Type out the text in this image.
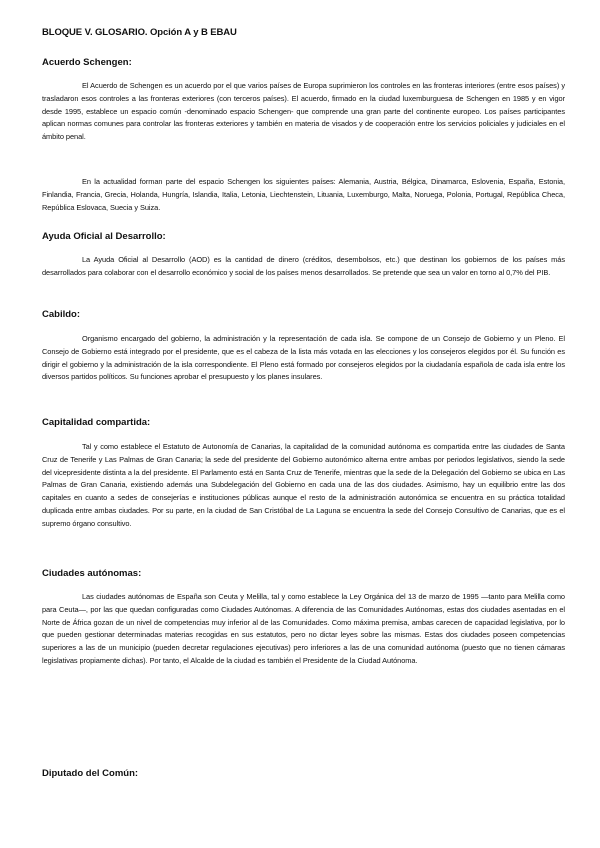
BLOQUE V. GLOSARIO. Opción A y B EBAU
Acuerdo Schengen:

El Acuerdo de Schengen es un acuerdo por el que varios países de Europa suprimieron los controles en las fronteras interiores (entre esos países) y trasladaron esos controles a las fronteras exteriores (con terceros países). El acuerdo, firmado en la ciudad luxemburguesa de Schengen en 1985 y en vigor desde 1995, establece un espacio común -denominado espacio Schengen- que comprende una gran parte del continente europeo. Los países participantes aplican normas comunes para controlar las fronteras exteriores y también en materia de visados y de cooperación entre los servicios policiales y judiciales en el ámbito penal.

En la actualidad forman parte del espacio Schengen los siguientes países: Alemania, Austria, Bélgica, Dinamarca, Eslovenia, España, Estonia, Finlandia, Francia, Grecia, Holanda, Hungría, Islandia, Italia, Letonia, Liechtenstein, Lituania, Luxemburgo, Malta, Noruega, Polonia, Portugal, República Checa, República Eslovaca, Suecia y Suiza.

Ayuda Oficial al Desarrollo:

La Ayuda Oficial al Desarrollo (AOD) es la cantidad de dinero (créditos, desembolsos, etc.) que destinan los gobiernos de los países más desarrollados para colaborar con el desarrollo económico y social de los países menos desarrollados. Se pretende que sea un valor en torno al 0,7% del PIB.

Cabildo:

Organismo encargado del gobierno, la administración y la representación de cada isla. Se compone de un Consejo de Gobierno y un Pleno. El Consejo de Gobierno está integrado por el presidente, que es el cabeza de la lista más votada en las elecciones y los consejeros elegidos por él. Su función es dirigir el gobierno y la administración de la isla correspondiente. El Pleno está formado por consejeros elegidos por la ciudadanía española de cada isla entre los diversos partidos políticos. Su funciones aprobar el presupuesto y los planes insulares.

Capitalidad compartida:

Tal y como establece el Estatuto de Autonomía de Canarias, la capitalidad de la comunidad autónoma es compartida entre las ciudades de Santa Cruz de Tenerife y Las Palmas de Gran Canaria; la sede del presidente del Gobierno autonómico alterna entre ambas por periodos legislativos, siendo la sede del vicepresidente distinta a la del presidente. El Parlamento está en Santa Cruz de Tenerife, mientras que la sede de la Delegación del Gobierno se ubica en Las Palmas de Gran Canaria, existiendo además una Subdelegación del Gobierno en cada una de las dos ciudades. Asimismo, hay un equilibrio entre las dos capitales en cuanto a sedes de consejerías e instituciones públicas aunque el resto de la administración autonómica se encuentra en su práctica totalidad duplicada entre ambas ciudades. Por su parte, en la ciudad de San Cristóbal de La Laguna se encuentra la sede del Consejo Consultivo de Canarias, que es el supremo órgano consultivo.

Ciudades autónomas:

Las ciudades autónomas de España son Ceuta y Melilla, tal y como establece la Ley Orgánica del 13 de marzo de 1995 —tanto para Melilla como para Ceuta—, por las que quedan configuradas como Ciudades Autónomas. A diferencia de las Comunidades Autónomas, estas dos ciudades asentadas en el Norte de África gozan de un nivel de competencias muy inferior al de las Comunidades. Como máxima premisa, ambas carecen de capacidad legislativa, por lo que pueden gestionar determinadas materias recogidas en sus estatutos, pero no dictar leyes sobre las mismas. Estas dos ciudades poseen competencias superiores a las de un municipio (pueden decretar regulaciones ejecutivas) pero inferiores a las de una comunidad autónoma (puesto que no tienen cámaras legislativas propiamente dichas). Por tanto, el Alcalde de la ciudad es también el Presidente de la Ciudad Autónoma.

Diputado del Común:
